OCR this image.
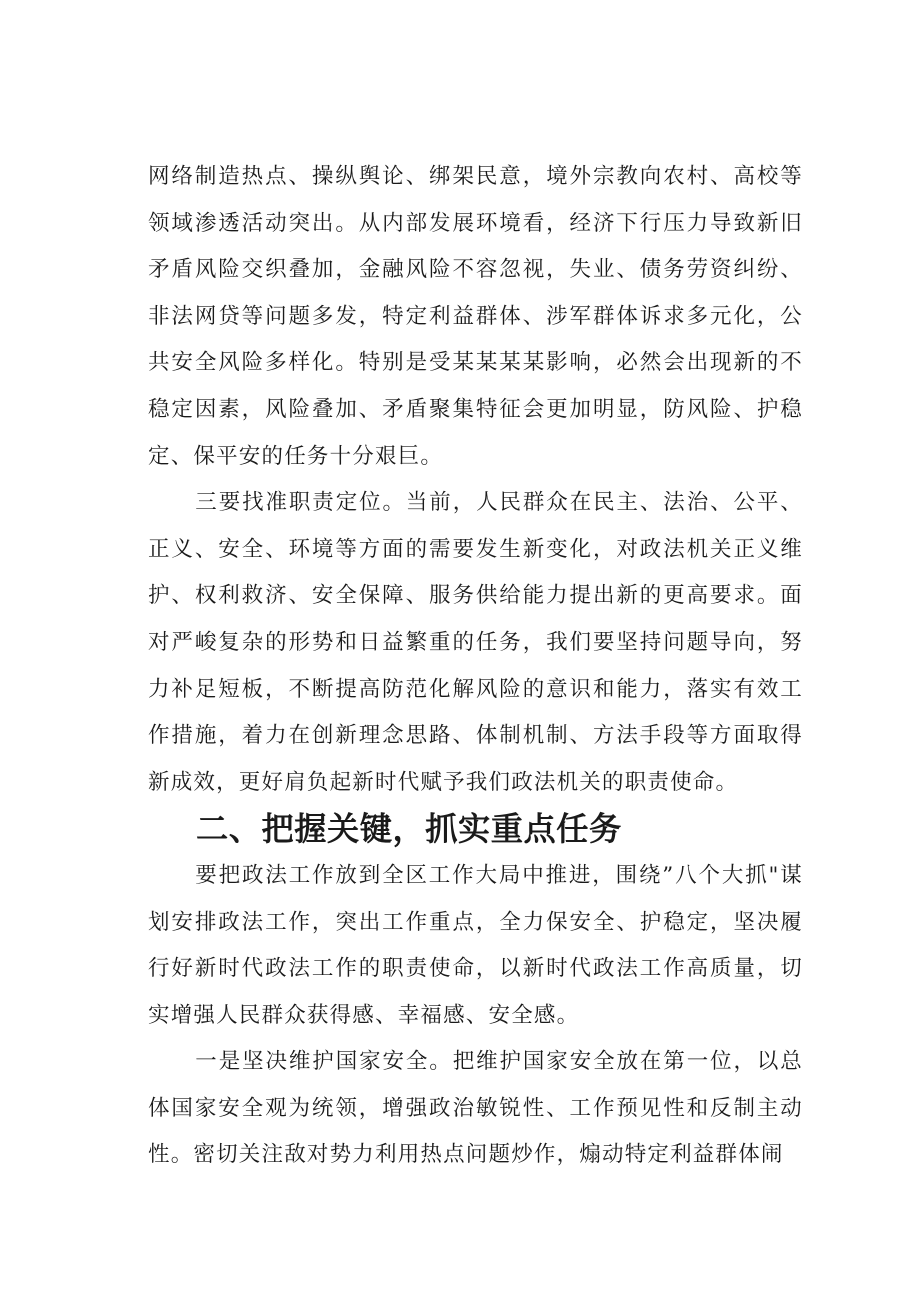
网络制造热点、操纵舆论、绑架民意，境外宗教向农村、高校等领域渗透活动突出。从内部发展环境看，经济下行压力导致新旧矛盾风险交织叠加，金融风险不容忽视，失业、债务劳资纠纷、非法网贷等问题多发，特定利益群体、涉军群体诉求多元化，公共安全风险多样化。特别是受某某某某影响，必然会出现新的不稳定因素，风险叠加、矛盾聚集特征会更加明显，防风险、护稳定、保平安的任务十分艰巨。

三要找准职责定位。当前，人民群众在民主、法治、公平、正义、安全、环境等方面的需要发生新变化，对政法机关正义维护、权利救济、安全保障、服务供给能力提出新的更高要求。面对严峻复杂的形势和日益繁重的任务，我们要坚持问题导向，努力补足短板，不断提高防范化解风险的意识和能力，落实有效工作措施，着力在创新理念思路、体制机制、方法手段等方面取得新成效，更好肩负起新时代赋予我们政法机关的职责使命。

二、把握关键，抓实重点任务

要把政法工作放到全区工作大局中推进，围绕”八个大抓"谋划安排政法工作，突出工作重点，全力保安全、护稳定，坚决履行好新时代政法工作的职责使命，以新时代政法工作高质量，切实增强人民群众获得感、幸福感、安全感。

一是坚决维护国家安全。把维护国家安全放在第一位，以总体国家安全观为统领，增强政治敏锐性、工作预见性和反制主动性。密切关注敌对势力利用热点问题炒作，煽动特定利益群体闹
